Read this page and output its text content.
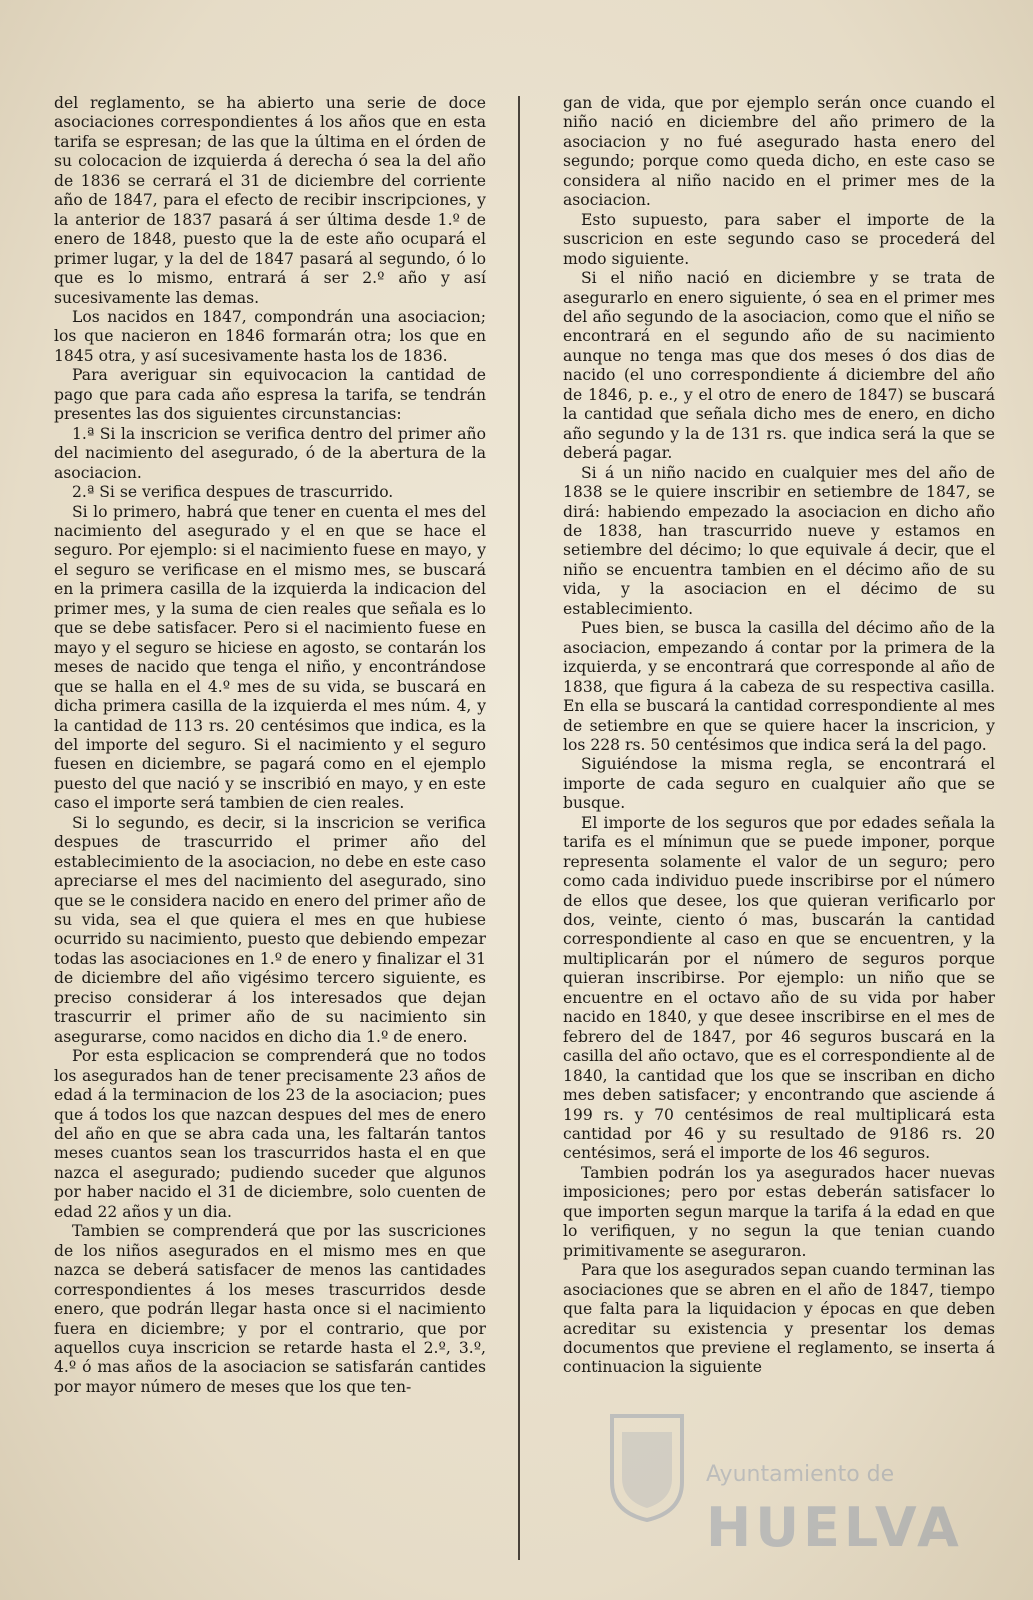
del reglamento, se ha abierto una serie de doce asociaciones correspondientes á los años que en esta tarifa se espresan; de las que la última en el órden de su colocacion de izquierda á derecha ó sea la del año de 1836 se cerrará el 31 de diciembre del corriente año de 1847, para el efecto de recibir inscripciones, y la anterior de 1837 pasará á ser última desde 1.º de enero de 1848, puesto que la de este año ocupará el primer lugar, y la del de 1847 pasará al segundo, ó lo que es lo mismo, entrará á ser 2.º año y así sucesivamente las demas.

Los nacidos en 1847, compondrán una asociacion; los que nacieron en 1846 formarán otra; los que en 1845 otra, y así sucesivamente hasta los de 1836.

Para averiguar sin equivocacion la cantidad de pago que para cada año espresa la tarifa, se tendrán presentes las dos siguientes circunstancias:

1.ª Si la inscricion se verifica dentro del primer año del nacimiento del asegurado, ó de la abertura de la asociacion.

2.ª Si se verifica despues de trascurrido.

Si lo primero, habrá que tener en cuenta el mes del nacimiento del asegurado y el en que se hace el seguro. Por ejemplo: si el nacimiento fuese en mayo, y el seguro se verificase en el mismo mes, se buscará en la primera casilla de la izquierda la indicacion del primer mes, y la suma de cien reales que señala es lo que se debe satisfacer. Pero si el nacimiento fuese en mayo y el seguro se hiciese en agosto, se contarán los meses de nacido que tenga el niño, y encontrándose que se halla en el 4.º mes de su vida, se buscará en dicha primera casilla de la izquierda el mes núm. 4, y la cantidad de 113 rs. 20 centésimos que indica, es la del importe del seguro. Si el nacimiento y el seguro fuesen en diciembre, se pagará como en el ejemplo puesto del que nació y se inscribió en mayo, y en este caso el importe será tambien de cien reales.

Si lo segundo, es decir, si la inscricion se verifica despues de trascurrido el primer año del establecimiento de la asociacion, no debe en este caso apreciarse el mes del nacimiento del asegurado, sino que se le considera nacido en enero del primer año de su vida, sea el que quiera el mes en que hubiese ocurrido su nacimiento, puesto que debiendo empezar todas las asociaciones en 1.º de enero y finalizar el 31 de diciembre del año vigésimo tercero siguiente, es preciso considerar á los interesados que dejan trascurrir el primer año de su nacimiento sin asegurarse, como nacidos en dicho dia 1.º de enero.

Por esta esplicacion se comprenderá que no todos los asegurados han de tener precisamente 23 años de edad á la terminacion de los 23 de la asociacion; pues que á todos los que nazcan despues del mes de enero del año en que se abra cada una, les faltarán tantos meses cuantos sean los trascurridos hasta el en que nazca el asegurado; pudiendo suceder que algunos por haber nacido el 31 de diciembre, solo cuenten de edad 22 años y un dia.

Tambien se comprenderá que por las suscriciones de los niños asegurados en el mismo mes en que nazca se deberá satisfacer de menos las cantidades correspondientes á los meses trascurridos desde enero, que podrán llegar hasta once si el nacimiento fuera en diciembre; y por el contrario, que por aquellos cuya inscricion se retarde hasta el 2.º, 3.º, 4.º ó mas años de la asociacion se satisfarán cantides por mayor número de meses que los que ten-

gan de vida, que por ejemplo serán once cuando el niño nació en diciembre del año primero de la asociacion y no fué asegurado hasta enero del segundo; porque como queda dicho, en este caso se considera al niño nacido en el primer mes de la asociacion.

Esto supuesto, para saber el importe de la suscricion en este segundo caso se procederá del modo siguiente.

Si el niño nació en diciembre y se trata de asegurarlo en enero siguiente, ó sea en el primer mes del año segundo de la asociacion, como que el niño se encontrará en el segundo año de su nacimiento aunque no tenga mas que dos meses ó dos dias de nacido (el uno correspondiente á diciembre del año de 1846, p. e., y el otro de enero de 1847) se buscará la cantidad que señala dicho mes de enero, en dicho año segundo y la de 131 rs. que indica será la que se deberá pagar.

Si á un niño nacido en cualquier mes del año de 1838 se le quiere inscribir en setiembre de 1847, se dirá: habiendo empezado la asociacion en dicho año de 1838, han trascurrido nueve y estamos en setiembre del décimo; lo que equivale á decir, que el niño se encuentra tambien en el décimo año de su vida, y la asociacion en el décimo de su establecimiento.

Pues bien, se busca la casilla del décimo año de la asociacion, empezando á contar por la primera de la izquierda, y se encontrará que corresponde al año de 1838, que figura á la cabeza de su respectiva casilla. En ella se buscará la cantidad correspondiente al mes de setiembre en que se quiere hacer la inscricion, y los 228 rs. 50 centésimos que indica será la del pago.

Siguiéndose la misma regla, se encontrará el importe de cada seguro en cualquier año que se busque.

El importe de los seguros que por edades señala la tarifa es el mínimun que se puede imponer, porque representa solamente el valor de un seguro; pero como cada individuo puede inscribirse por el número de ellos que desee, los que quieran verificarlo por dos, veinte, ciento ó mas, buscarán la cantidad correspondiente al caso en que se encuentren, y la multiplicarán por el número de seguros porque quieran inscribirse. Por ejemplo: un niño que se encuentre en el octavo año de su vida por haber nacido en 1840, y que desee inscribirse en el mes de febrero del de 1847, por 46 seguros buscará en la casilla del año octavo, que es el correspondiente al de 1840, la cantidad que los que se inscriban en dicho mes deben satisfacer; y encontrando que asciende á 199 rs. y 70 centésimos de real multiplicará esta cantidad por 46 y su resultado de 9186 rs. 20 centésimos, será el importe de los 46 seguros.

Tambien podrán los ya asegurados hacer nuevas imposiciones; pero por estas deberán satisfacer lo que importen segun marque la tarifa á la edad en que lo verifiquen, y no segun la que tenian cuando primitivamente se aseguraron.

Para que los asegurados sepan cuando terminan las asociaciones que se abren en el año de 1847, tiempo que falta para la liquidacion y épocas en que deben acreditar su existencia y presentar los demas documentos que previene el reglamento, se inserta á continuacion la siguiente

Ayuntamiento de
HUELVA
